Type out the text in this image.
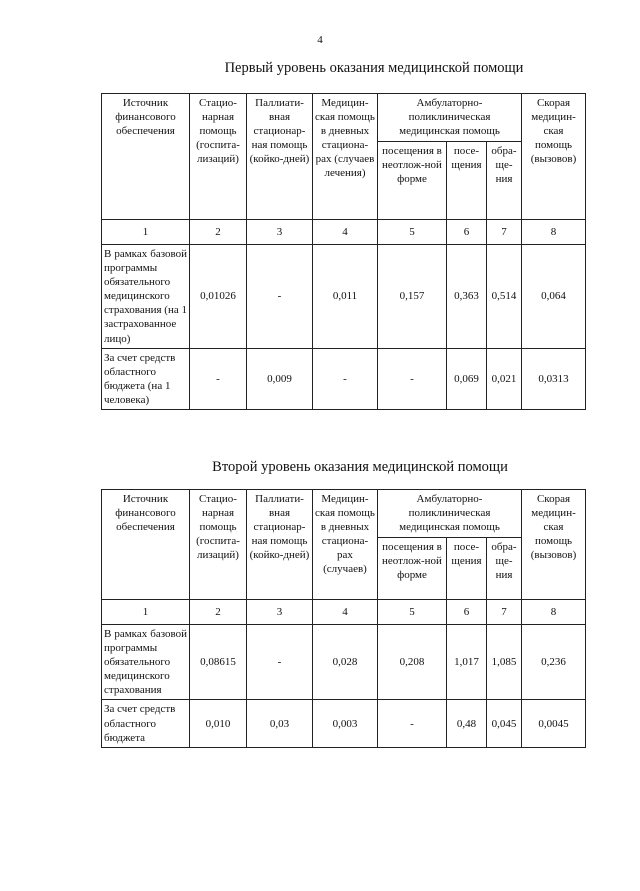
4
Первый уровень оказания медицинской помощи
Источник финансового обеспечения	Стацио-нарная помощь (госпита-лизаций)	Паллиати-вная стационар-ная помощь (койко-дней)	Медицин-ская помощь в дневных стациона-рах (случаев лечения)	Амбулаторно-поликлиническая медицинская помощь			Скорая медицин-ская помощь (вызовов)
				посещения в неотлож-ной форме	посе-щения	обра-ще-ния	
1	2	3	4	5	6	7	8
В рамках базовой программы обязательного медицинского страхования (на 1 застрахованное лицо)	0,01026	-	0,011	0,157	0,363	0,514	0,064
За счет средств областного бюджета (на 1 человека)	-	0,009	-	-	0,069	0,021	0,0313
Второй уровень оказания медицинской помощи
Источник финансового обеспечения	Стацио-нарная помощь (госпита-лизаций)	Паллиати-вная стационар-ная помощь (койко-дней)	Медицин-ская помощь в дневных стациона-рах (случаев)	Амбулаторно-поликлиническая медицинская помощь			Скорая медицин-ская помощь (вызовов)
				посещения в неотлож-ной форме	посе-щения	обра-ще-ния	
1	2	3	4	5	6	7	8
В рамках базовой программы обязательного медицинского страхования	0,08615	-	0,028	0,208	1,017	1,085	0,236
За счет средств областного бюджета	0,010	0,03	0,003	-	0,48	0,045	0,0045
